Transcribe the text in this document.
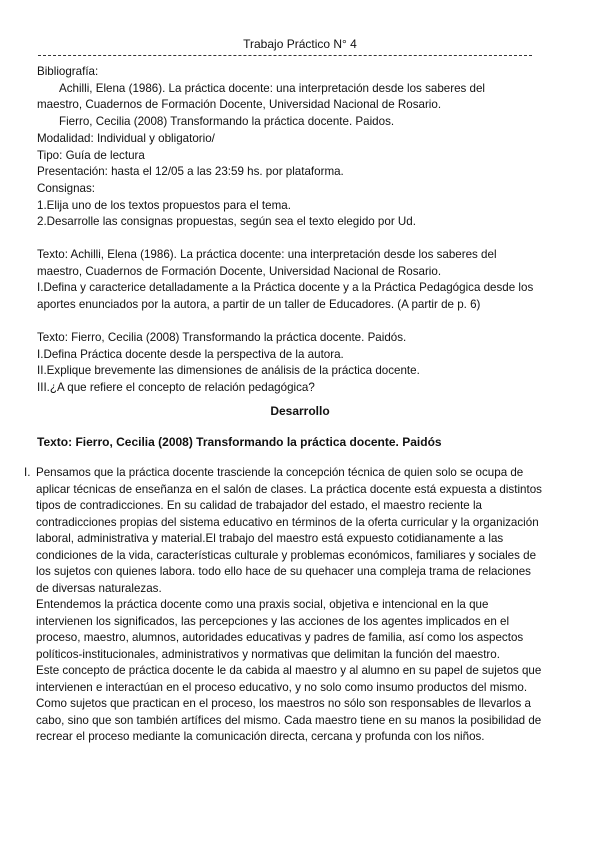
Trabajo Práctico N° 4
Bibliografía:
Achilli, Elena (1986). La práctica docente: una interpretación desde los saberes del
maestro, Cuadernos de Formación Docente, Universidad Nacional de Rosario.
Fierro, Cecilia (2008) Transformando la práctica docente. Paidos.
Modalidad: Individual y obligatorio/
Tipo: Guía de lectura
Presentación: hasta el 12/05 a las 23:59 hs. por plataforma.
Consignas:
1.Elija uno de los textos propuestos para el tema.
2.Desarrolle las consignas propuestas, según sea el texto elegido por Ud.
Texto: Achilli, Elena (1986). La práctica docente: una interpretación desde los saberes del
maestro, Cuadernos de Formación Docente, Universidad Nacional de Rosario.
I.Defina y caracterice detalladamente a la Práctica docente y a la Práctica Pedagógica desde los
aportes enunciados por la autora, a partir de un taller de Educadores. (A partir de p. 6)
Texto: Fierro, Cecilia (2008) Transformando la práctica docente. Paidós.
I.Defina Práctica docente desde la perspectiva de la autora.
II.Explique brevemente las dimensiones de análisis de la práctica docente.
III.¿A que refiere el concepto de relación pedagógica?
Desarrollo
Texto: Fierro, Cecilia (2008) Transformando la práctica docente. Paidós
I. Pensamos que la práctica docente trasciende la concepción técnica de quien solo se ocupa de
aplicar técnicas de enseñanza en el salón de clases. La práctica docente está expuesta a distintos
tipos de contradicciones. En su calidad de trabajador del estado, el maestro reciente la
contradicciones propias del sistema educativo en términos de la oferta curricular y la organización
laboral, administrativa y material.El trabajo del maestro está expuesto cotidianamente a las
condiciones de la vida, características culturale y problemas económicos, familiares y sociales de
los sujetos con quienes labora. todo ello hace de su quehacer una compleja trama de relaciones
de diversas naturalezas.
Entendemos la práctica docente como una praxis social, objetiva e intencional en la que
intervienen los significados, las percepciones y las acciones de los agentes implicados en el
proceso, maestro, alumnos, autoridades educativas y padres de familia, así como los aspectos
políticos-institucionales, administrativos y normativas que delimitan la función del maestro.
Este concepto de práctica docente le da cabida al maestro y al alumno en su papel de sujetos que
intervienen e interactúan en el proceso educativo, y no solo como insumo productos del mismo.
Como sujetos que practican en el proceso, los maestros no sólo son responsables de llevarlos a
cabo, sino que son también artífices del mismo. Cada maestro tiene en su manos la posibilidad de
recrear el proceso mediante la comunicación directa, cercana y profunda con los niños.
